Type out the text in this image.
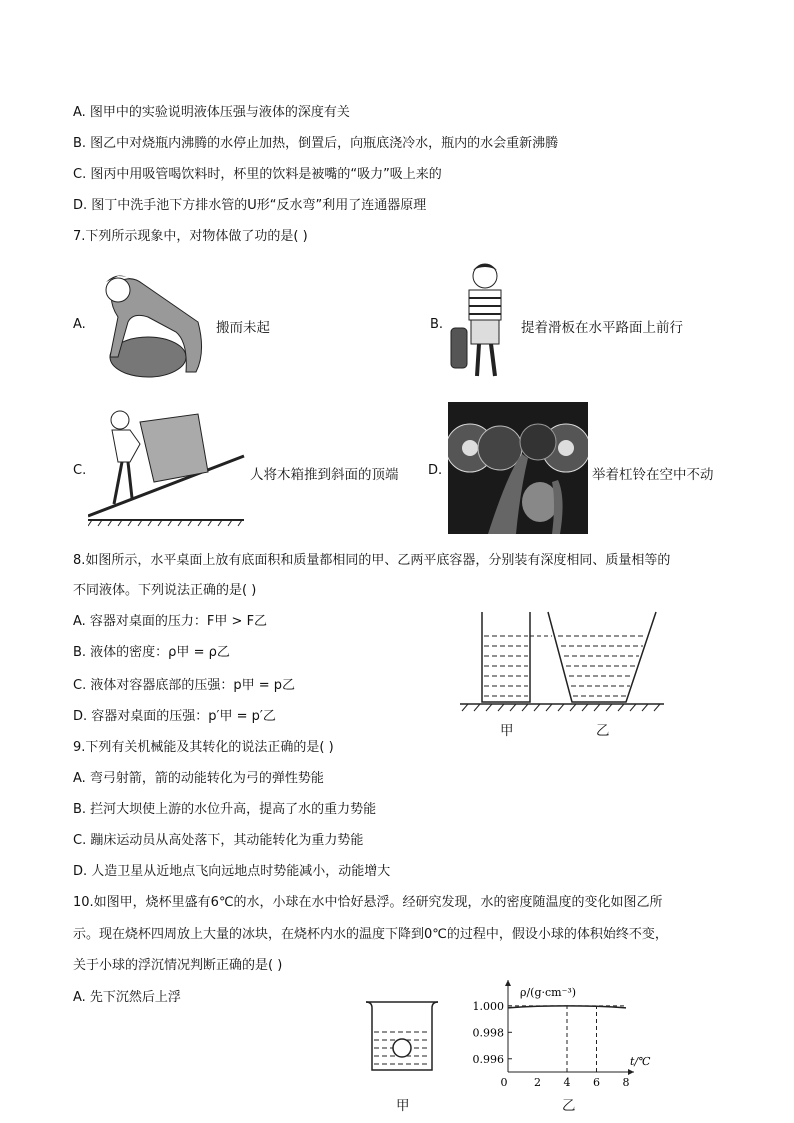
A. 图甲中的实验说明液体压强与液体的深度有关
B. 图乙中对烧瓶内沸腾的水停止加热，倒置后，向瓶底浇冷水，瓶内的水会重新沸腾
C. 图丙中用吸管喝饮料时，杯里的饮料是被嘴的“吸力”吸上来的
D. 图丁中洗手池下方排水管的U形“反水弯”利用了连通器原理
7.下列所示现象中，对物体做了功的是( )
A.	搬而未起	B.	提着滑板在水平路面上前行
C.	人将木箱推到斜面的顶端 D.	举着杠铃在空中不动
8.如图所示，水平桌面上放有底面积和质量都相同的甲、乙两平底容器，分别装有深度相同、质量相等的
不同液体。下列说法正确的是( )
A. 容器对桌面的压力：F甲 > F乙
B. 液体的密度：ρ甲 = ρ乙
C. 液体对容器底部的压强：p甲 = p乙
D. 容器对桌面的压强：p′甲 = p′乙
甲	乙
9.下列有关机械能及其转化的说法正确的是( )
A. 弯弓射箭，箭的动能转化为弓的弹性势能
B. 拦河大坝使上游的水位升高，提高了水的重力势能
C. 蹦床运动员从高处落下，其动能转化为重力势能
D. 人造卫星从近地点飞向远地点时势能减小，动能增大
10.如图甲，烧杯里盛有6℃的水，小球在水中恰好悬浮。经研究发现，水的密度随温度的变化如图乙所
示。现在烧杯四周放上大量的冰块，在烧杯内水的温度下降到0℃的过程中，假设小球的体积始终不变，
关于小球的浮沉情况判断正确的是( )
A. 先下沉然后上浮
甲
ρ/(g·cm⁻³)
t/℃
0 2 4 6 8
1.000
0.998
0.996
乙
